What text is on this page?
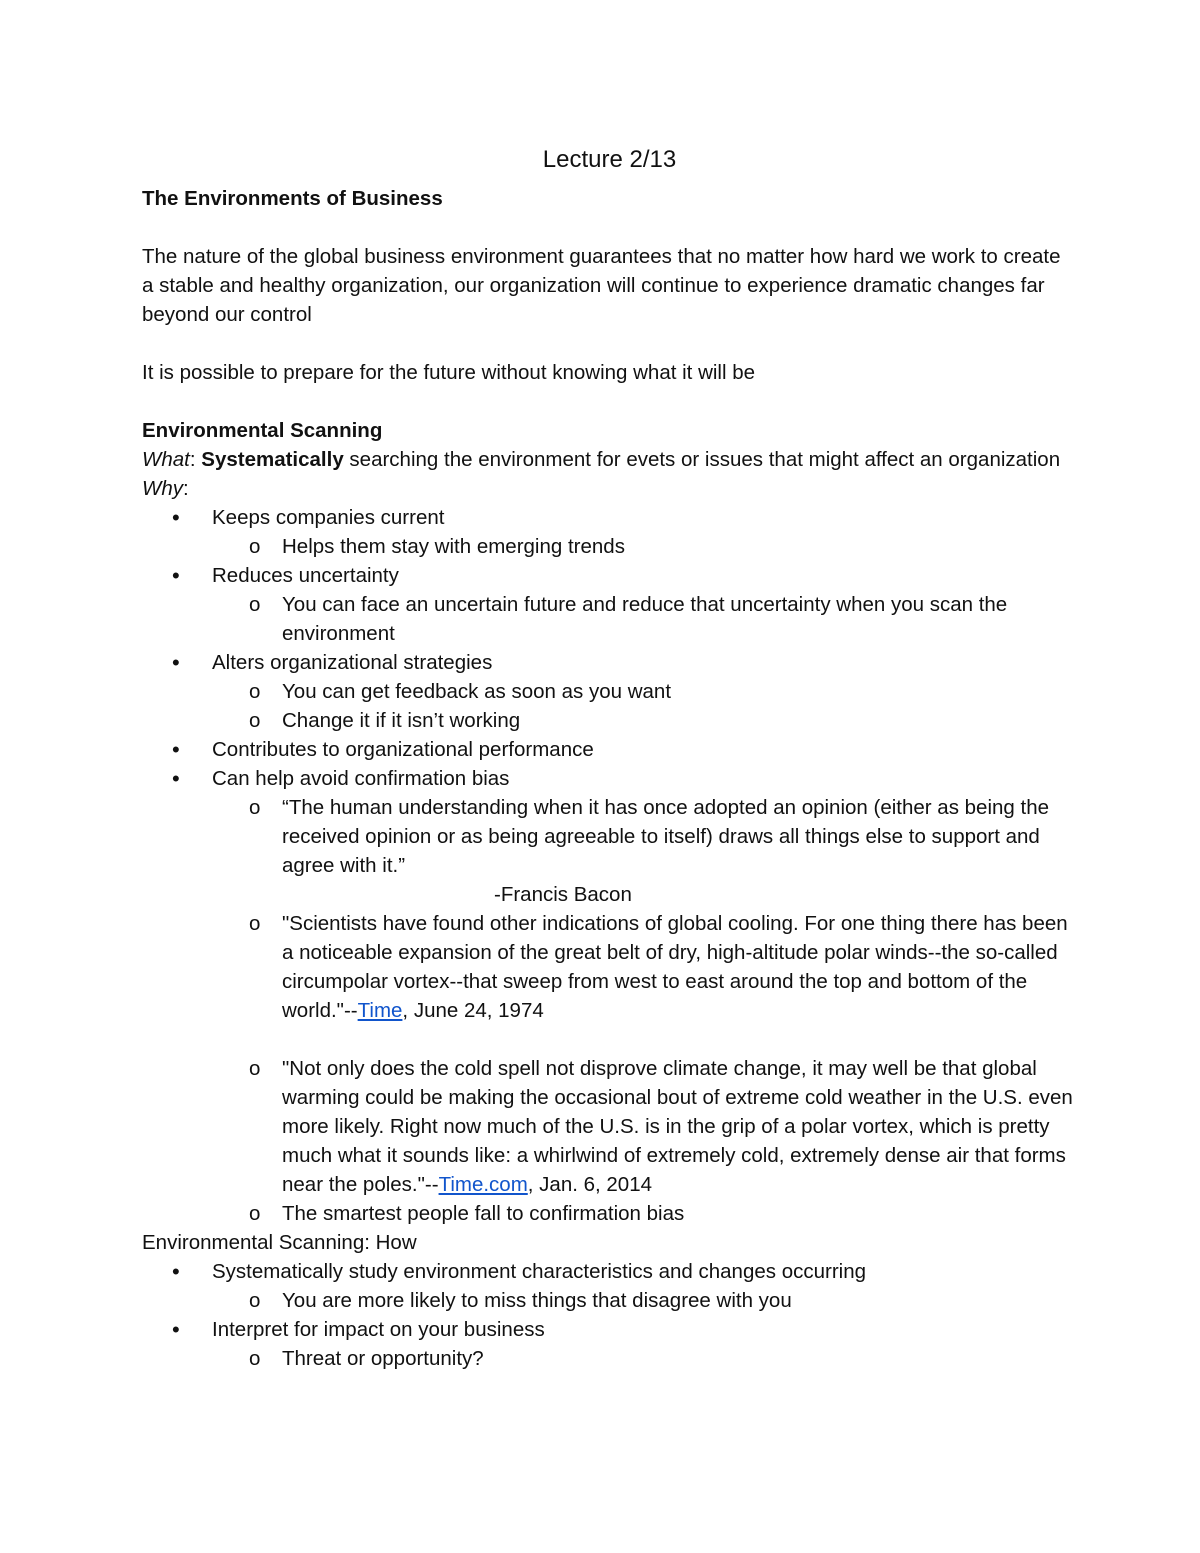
Lecture 2/13
The Environments of Business
The nature of the global business environment guarantees that no matter how hard we work to create a stable and healthy organization, our organization will continue to experience dramatic changes far beyond our control
It is possible to prepare for the future without knowing what it will be
Environmental Scanning
What: Systematically searching the environment for evets or issues that might affect an organization
Why:
• Keeps companies current
o Helps them stay with emerging trends
• Reduces uncertainty
o You can face an uncertain future and reduce that uncertainty when you scan the environment
• Alters organizational strategies
o You can get feedback as soon as you want
o Change it if it isn’t working
• Contributes to organizational performance
• Can help avoid confirmation bias
o “The human understanding when it has once adopted an opinion (either as being the received opinion or as being agreeable to itself) draws all things else to support and agree with it.”
-Francis Bacon
o "Scientists have found other indications of global cooling. For one thing there has been a noticeable expansion of the great belt of dry, high-altitude polar winds--the so-called circumpolar vortex--that sweep from west to east around the top and bottom of the world."--Time, June 24, 1974
o "Not only does the cold spell not disprove climate change, it may well be that global warming could be making the occasional bout of extreme cold weather in the U.S. even more likely. Right now much of the U.S. is in the grip of a polar vortex, which is pretty much what it sounds like: a whirlwind of extremely cold, extremely dense air that forms near the poles."--Time.com, Jan. 6, 2014
o The smartest people fall to confirmation bias
Environmental Scanning: How
• Systematically study environment characteristics and changes occurring
o You are more likely to miss things that disagree with you
• Interpret for impact on your business
o Threat or opportunity?
